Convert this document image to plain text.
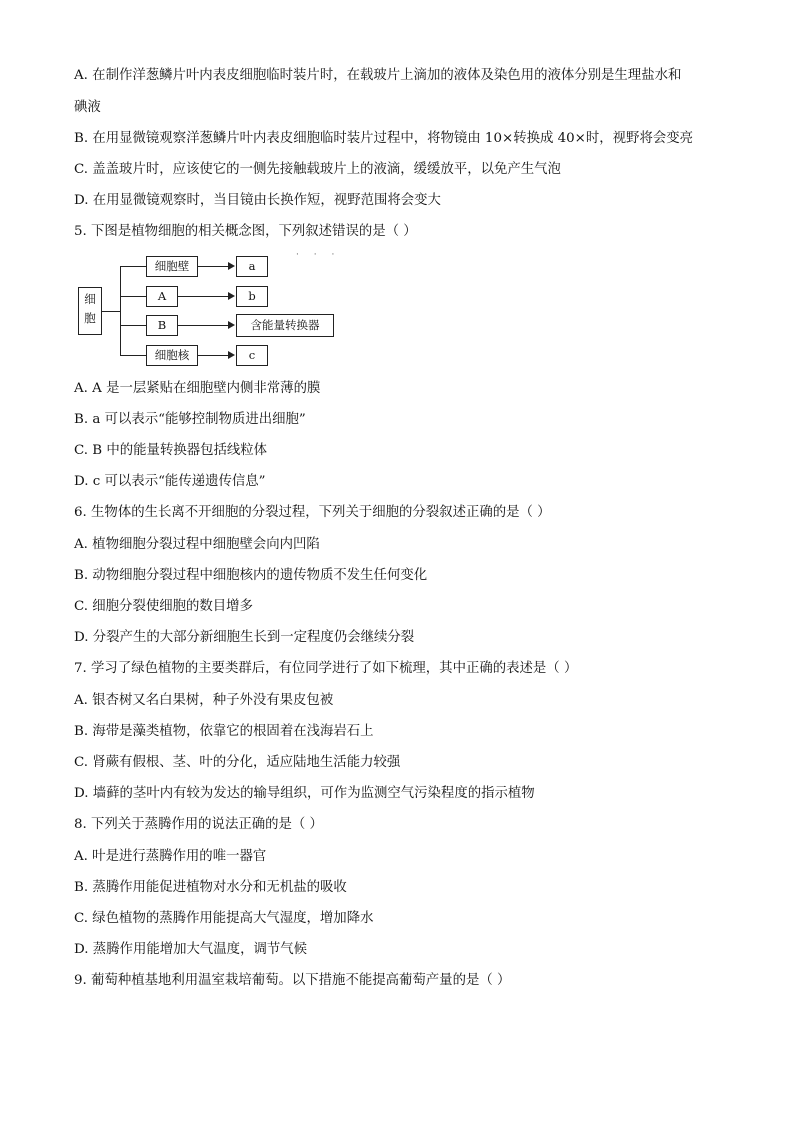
A. 在制作洋葱鳞片叶内表皮细胞临时装片时，在载玻片上滴加的液体及染色用的液体分别是生理盐水和
碘液
B. 在用显微镜观察洋葱鳞片叶内表皮细胞临时装片过程中，将物镜由 10×转换成 40×时，视野将会变亮
C. 盖盖玻片时，应该使它的一侧先接触载玻片上的液滴，缓缓放平，以免产生气泡
D. 在用显微镜观察时，当目镜由长换作短，视野范围将会变大
5. 下图是植物细胞的相关概念图，下列叙述错误的是（ ）
· · ·
细
胞
细胞壁
A
B
细胞核
a
b
含能量转换器
c
A. A 是一层紧贴在细胞壁内侧非常薄的膜
B. a 可以表示“能够控制物质进出细胞”
C. B 中的能量转换器包括线粒体
D. c 可以表示“能传递遗传信息”
6. 生物体的生长离不开细胞的分裂过程，下列关于细胞的分裂叙述正确的是（ ）
A. 植物细胞分裂过程中细胞壁会向内凹陷
B. 动物细胞分裂过程中细胞核内的遗传物质不发生任何变化
C. 细胞分裂使细胞的数目增多
D. 分裂产生的大部分新细胞生长到一定程度仍会继续分裂
7. 学习了绿色植物的主要类群后，有位同学进行了如下梳理，其中正确的表述是（ ）
A. 银杏树又名白果树，种子外没有果皮包被
B. 海带是藻类植物，依靠它的根固着在浅海岩石上
C. 肾蕨有假根、茎、叶的分化，适应陆地生活能力较强
D. 墙藓的茎叶内有较为发达的输导组织，可作为监测空气污染程度的指示植物
8. 下列关于蒸腾作用的说法正确的是（ ）
A. 叶是进行蒸腾作用的唯一器官
B. 蒸腾作用能促进植物对水分和无机盐的吸收
C. 绿色植物的蒸腾作用能提高大气湿度，增加降水
D. 蒸腾作用能增加大气温度，调节气候
9. 葡萄种植基地利用温室栽培葡萄。以下措施不能提高葡萄产量的是（ ）
